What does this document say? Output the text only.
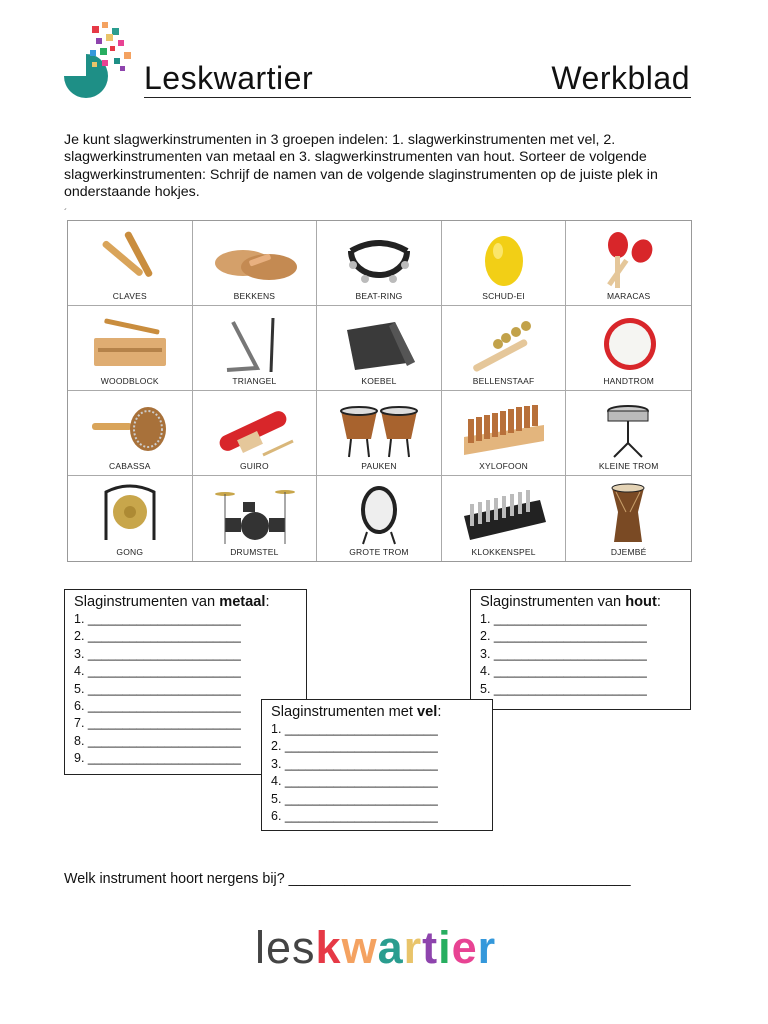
Leskwartier	Werkblad
Je kunt slagwerkinstrumenten in 3 groepen indelen: 1. slagwerkinstrumenten met vel, 2. slagwerkinstrumenten van metaal en 3. slagwerkinstrumenten van hout. Sorteer de volgende slagwerkinstrumenten: Schrijf de namen van de volgende slaginstrumenten op de juiste plek in onderstaande hokjes.
´
CLAVES	BEKKENS	BEAT-RING	SCHUD-EI	MARACAS
WOODBLOCK	TRIANGEL	KOEBEL	BELLENSTAAF	HANDTROM
CABASSA	GUIRO	PAUKEN	XYLOFOON	KLEINE TROM
GONG	DRUMSTEL	GROTE TROM	KLOKKENSPEL	DJEMBÉ
Slaginstrumenten van metaal:
1. ______________________
2. ______________________
3. ______________________
4. ______________________
5. ______________________
6. ______________________
7. ______________________
8. ______________________
9. ______________________
Slaginstrumenten van hout:
1. ______________________
2. ______________________
3. ______________________
4. ______________________
5. ______________________
Slaginstrumenten met vel:
1. ______________________
2. ______________________
3. ______________________
4. ______________________
5. ______________________
6. ______________________
Welk instrument hoort nergens bij? ___________________________________________
leskwartier
